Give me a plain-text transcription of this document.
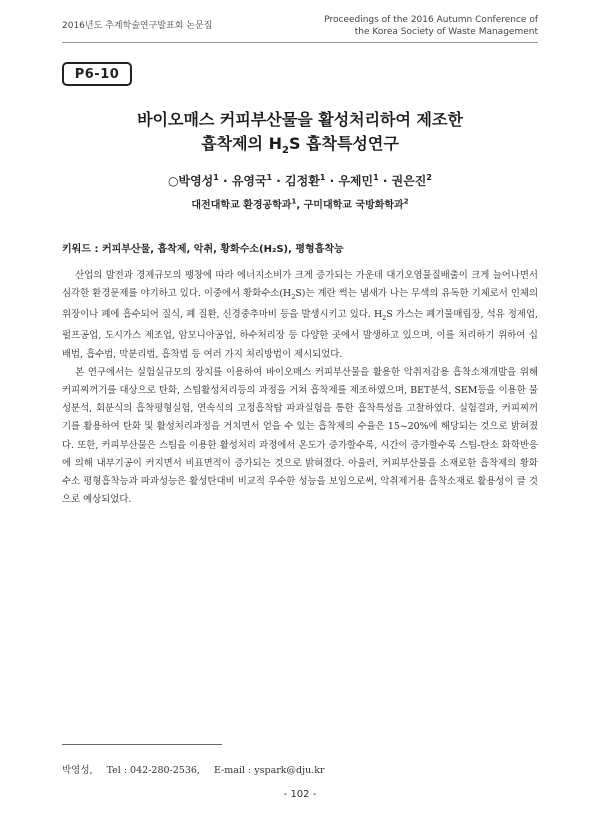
2016년도 추계학술연구발표회 논문집
Proceedings of the 2016 Autumn Conference of
the Korea Society of Waste Management
P6-10
바이오매스 커피부산물을 활성처리하여 제조한
흡착제의 $H_2S$ 흡착특성연구
○박영성$^1$ · 유영국$^1$ · 김정환$^1$ · 우제민$^1$ · 권은진$^2$
대전대학교 환경공학과$^1$, 구미대학교 국방화학과$^2$
키워드 : 커피부산물, 흡착제, 악취, 황화수소(H₂S), 평형흡착능

산업의 발전과 경제규모의 팽창에 따라 에너지소비가 크게 증가되는 가운데 대기오염물질배출이 크게 늘어나면서 심각한 환경문제를 야기하고 있다. 이중에서 황화수소$(H_2S)$는 계란 썩는 냄새가 나는 무색의 유독한 기체로서 인체의 위장이나 폐에 흡수되어 질식, 폐 질환, 신경중추마비 등을 발생시키고 있다. $H_2S$ 가스는 폐기물매립장, 석유 정제업, 펄프공업, 도시가스 제조업, 암모니아공업, 하수처리장 등 다양한 곳에서 발생하고 있으며, 이를 처리하기 위하여 십배법, 흡수법, 막분리법, 흡착법 등 여러 가지 처리방법이 제시되었다.

본 연구에서는 실험실규모의 장치를 이용하여 바이오매스 커피부산물을 활용한 악취저감용 흡착소재개발을 위해 커피찌꺼기를 대상으로 탄화, 스팀활성처리등의 과정을 거쳐 흡착제를 제조하였으며, BET분석, SEM등을 이용한 물성분석, 회분식의 흡착평형실험, 연속식의 고정흡착탑 파과실험을 통한 흡착특성을 고찰하였다. 실험결과, 커피찌꺼기를 활용하여 탄화 및 활성처리과정을 거치면서 얻을 수 있는 흡착제의 수율은 15~20%에 해당되는 것으로 밝혀졌다. 또한, 커피부산물은 스팀을 이용한 활성처리 과정에서 온도가 증가할수록, 시간이 증가할수록 스팀-탄소 화학반응에 의해 내부기공이 커지면서 비표면적이 증가되는 것으로 밝혀졌다. 아울러, 커피부산물을 소재로한 흡착제의 황화수소 평형흡착능과 파과성능은 활성탄대비 비교적 우수한 성능을 보임으로써, 악취제거용 흡착소재로 활용성이 클 것으로 예상되었다.

박영성, Tel : 042-280-2536, E-mail : yspark@dju.kr
- 102 -
